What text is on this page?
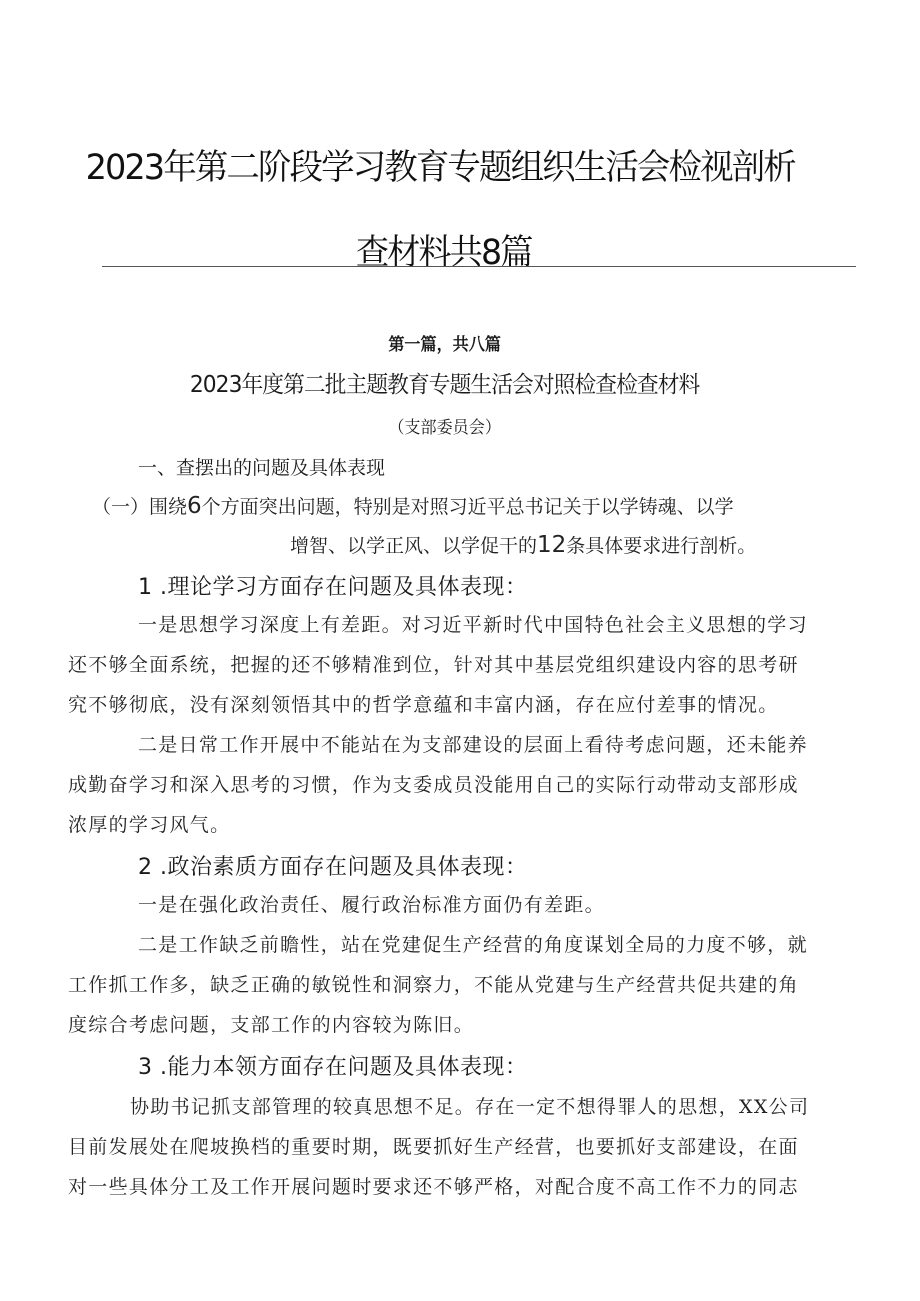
2023年第二阶段学习教育专题组织生活会检视剖析
查材料共8篇
第一篇，共八篇
2023年度第二批主题教育专题生活会对照检查检查材料
（支部委员会）
一、查摆出的问题及具体表现
（一）围绕6个方面突出问题，特别是对照习近平总书记关于以学铸魂、以学
增智、以学正风、以学促干的12条具体要求进行剖析。
1 .理论学习方面存在问题及具体表现：
一是思想学习深度上有差距。对习近平新时代中国特色社会主义思想的学习
还不够全面系统，把握的还不够精准到位，针对其中基层党组织建设内容的思考研
究不够彻底，没有深刻领悟其中的哲学意蕴和丰富内涵，存在应付差事的情况。
二是日常工作开展中不能站在为支部建设的层面上看待考虑问题，还未能养
成勤奋学习和深入思考的习惯，作为支委成员没能用自己的实际行动带动支部形成
浓厚的学习风气。
2 .政治素质方面存在问题及具体表现：
一是在强化政治责任、履行政治标准方面仍有差距。
二是工作缺乏前瞻性，站在党建促生产经营的角度谋划全局的力度不够，就
工作抓工作多，缺乏正确的敏锐性和洞察力，不能从党建与生产经营共促共建的角
度综合考虑问题，支部工作的内容较为陈旧。
3 .能力本领方面存在问题及具体表现：
协助书记抓支部管理的较真思想不足。存在一定不想得罪人的思想，XX公司
目前发展处在爬坡换档的重要时期，既要抓好生产经营，也要抓好支部建设，在面
对一些具体分工及工作开展问题时要求还不够严格，对配合度不高工作不力的同志
